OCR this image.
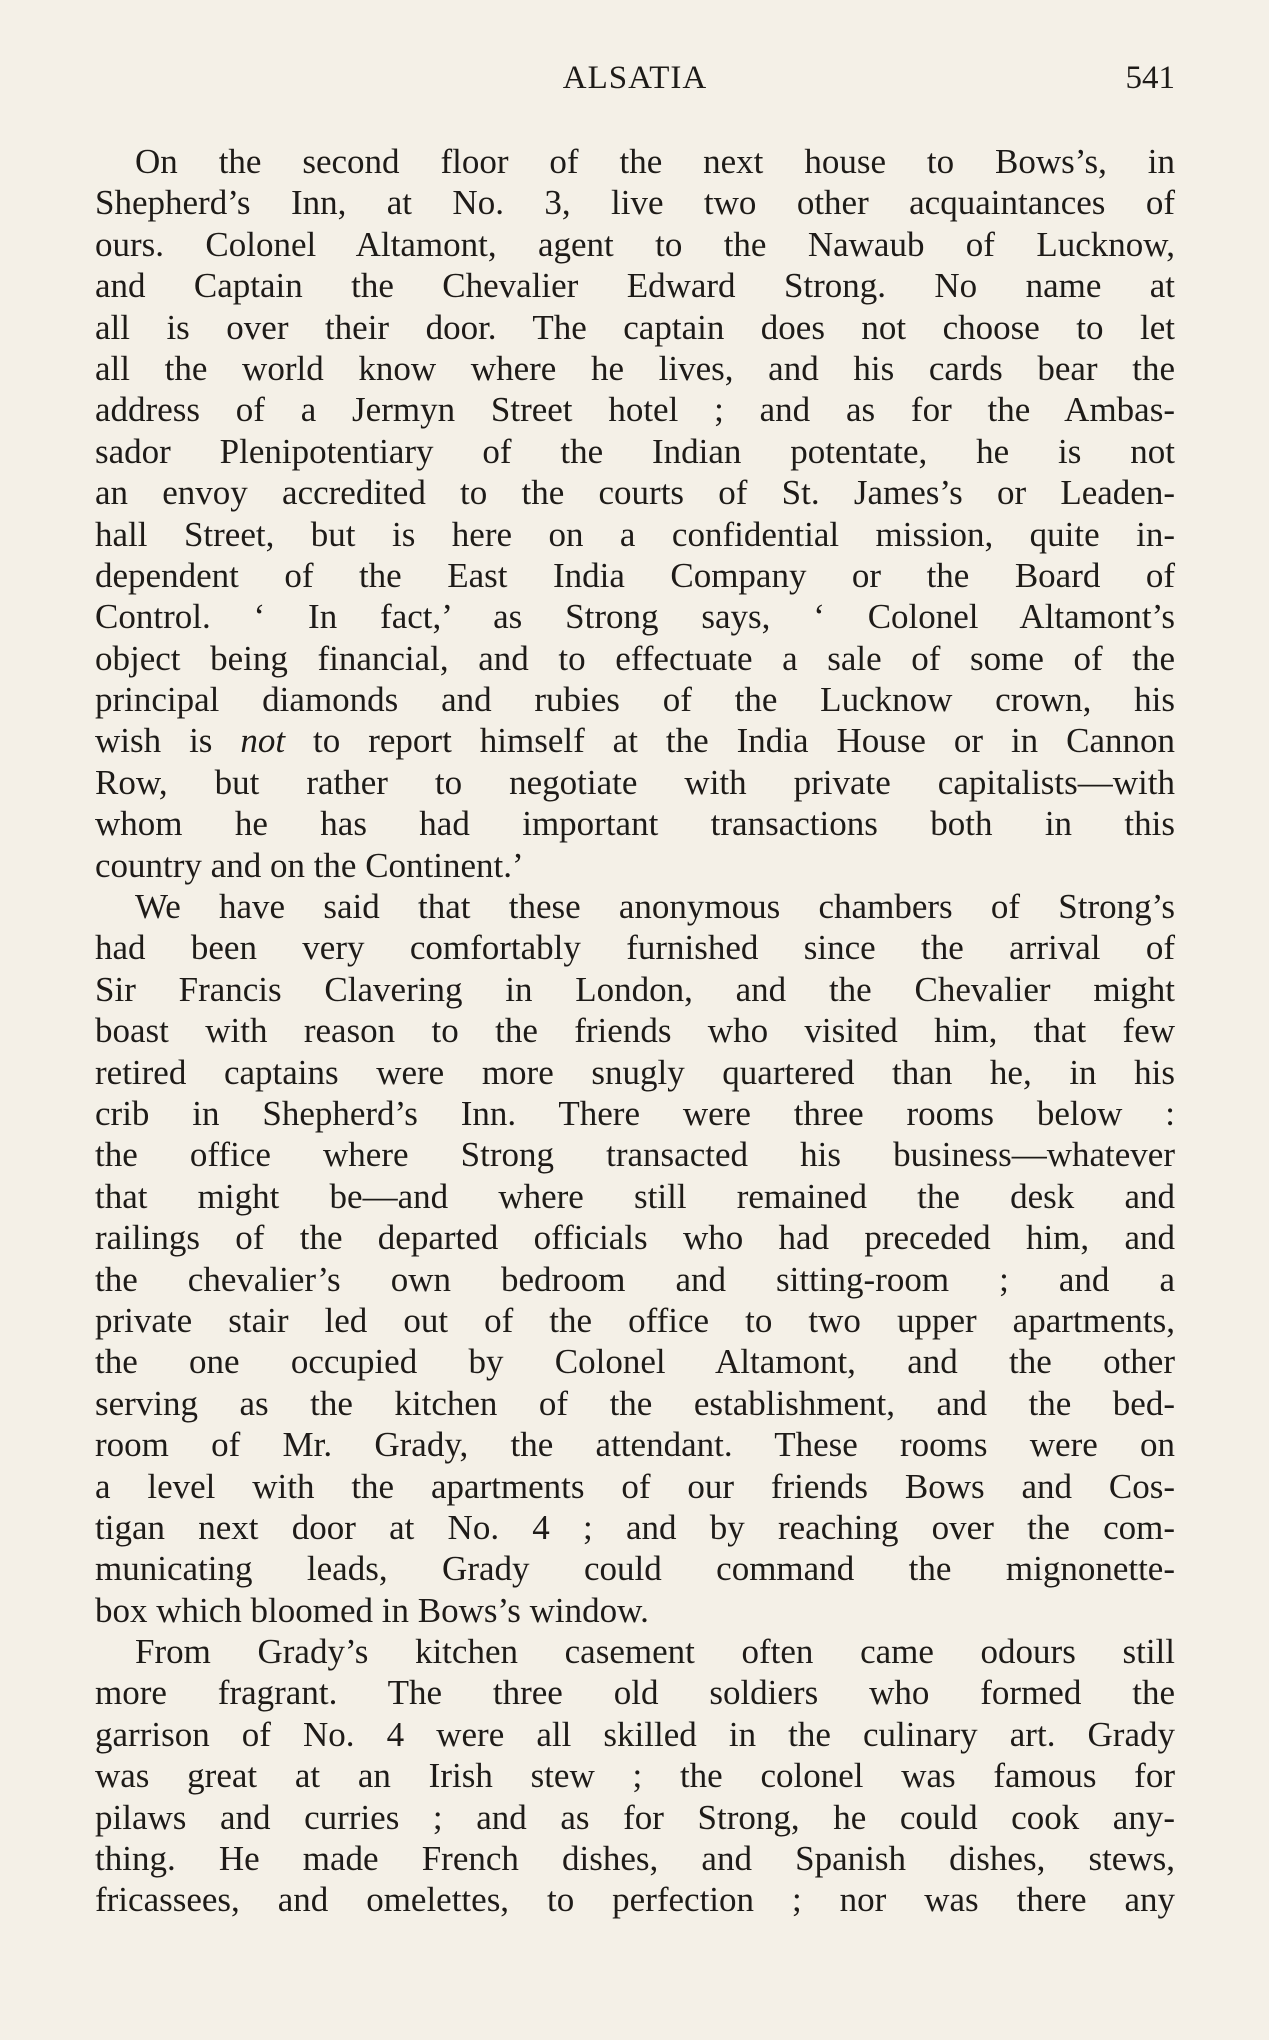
ALSATIA	541
On the second floor of the next house to Bows’s, in
Shepherd’s Inn, at No. 3, live two other acquaintances of
ours. Colonel Altamont, agent to the Nawaub of Lucknow,
and Captain the Chevalier Edward Strong. No name at
all is over their door. The captain does not choose to let
all the world know where he lives, and his cards bear the
address of a Jermyn Street hotel ; and as for the Ambas-
sador Plenipotentiary of the Indian potentate, he is not
an envoy accredited to the courts of St. James’s or Leaden-
hall Street, but is here on a confidential mission, quite in-
dependent of the East India Company or the Board of
Control. ‘ In fact,’ as Strong says, ‘ Colonel Altamont’s
object being financial, and to effectuate a sale of some of the
principal diamonds and rubies of the Lucknow crown, his
wish is not to report himself at the India House or in Cannon
Row, but rather to negotiate with private capitalists—with
whom he has had important transactions both in this
country and on the Continent.’
We have said that these anonymous chambers of Strong’s
had been very comfortably furnished since the arrival of
Sir Francis Clavering in London, and the Chevalier might
boast with reason to the friends who visited him, that few
retired captains were more snugly quartered than he, in his
crib in Shepherd’s Inn. There were three rooms below :
the office where Strong transacted his business—whatever
that might be—and where still remained the desk and
railings of the departed officials who had preceded him, and
the chevalier’s own bedroom and sitting-room ; and a
private stair led out of the office to two upper apartments,
the one occupied by Colonel Altamont, and the other
serving as the kitchen of the establishment, and the bed-
room of Mr. Grady, the attendant. These rooms were on
a level with the apartments of our friends Bows and Cos-
tigan next door at No. 4 ; and by reaching over the com-
municating leads, Grady could command the mignonette-
box which bloomed in Bows’s window.
From Grady’s kitchen casement often came odours still
more fragrant. The three old soldiers who formed the
garrison of No. 4 were all skilled in the culinary art. Grady
was great at an Irish stew ; the colonel was famous for
pilaws and curries ; and as for Strong, he could cook any-
thing. He made French dishes, and Spanish dishes, stews,
fricassees, and omelettes, to perfection ; nor was there any
